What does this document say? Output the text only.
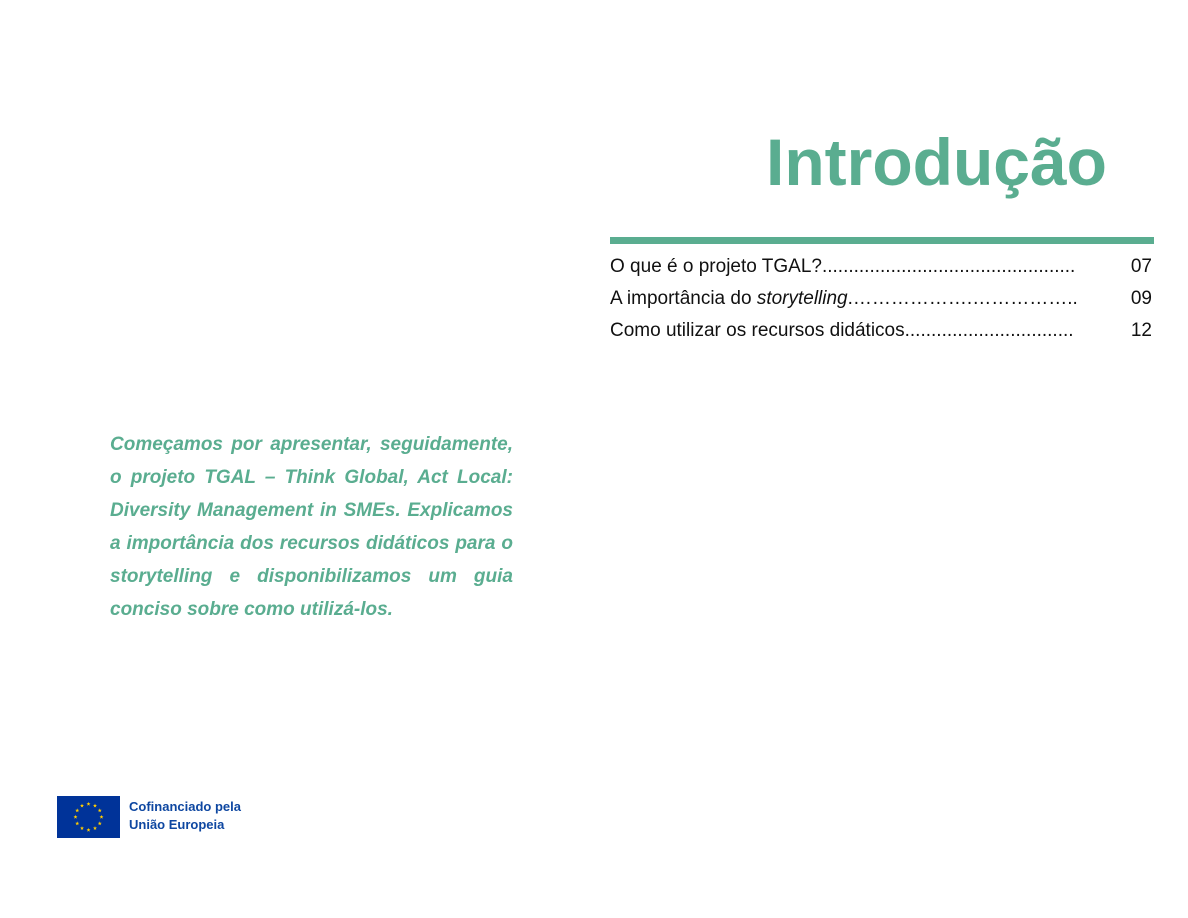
Introdução
O que é o projeto TGAL?................................................	07
A importância do storytelling.……………….……………..	09
Como utilizar os recursos didáticos................................	12

Começamos por apresentar, seguidamente, o projeto TGAL – Think Global, Act Local: Diversity Management in SMEs. Explicamos a importância dos recursos didáticos para o storytelling e disponibilizamos um guia conciso sobre como utilizá-los.

Cofinanciado pela
União Europeia
